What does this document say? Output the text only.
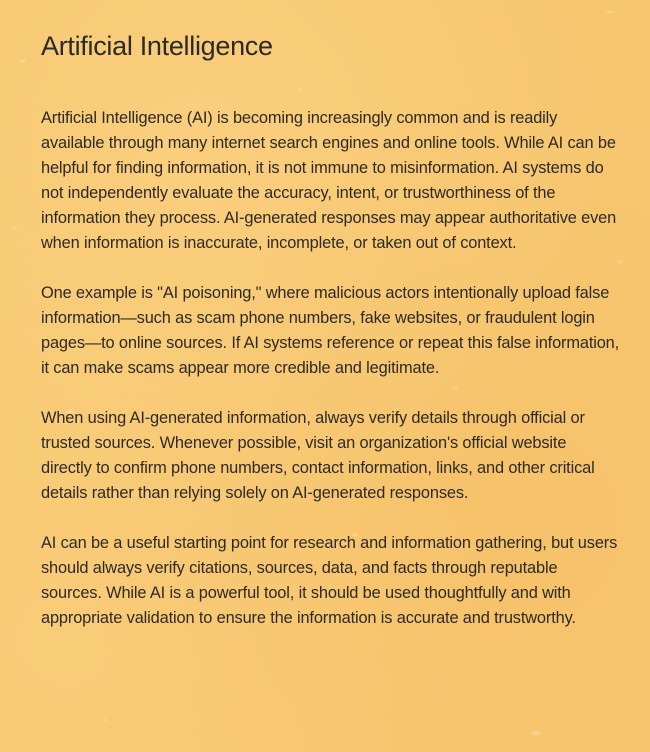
Artificial Intelligence

Artificial Intelligence (AI) is becoming increasingly common and is readily available through many internet search engines and online tools. While AI can be helpful for finding information, it is not immune to misinformation. AI systems do not independently evaluate the accuracy, intent, or trustworthiness of the information they process. AI-generated responses may appear authoritative even when information is inaccurate, incomplete, or taken out of context.

One example is "AI poisoning," where malicious actors intentionally upload false information—such as scam phone numbers, fake websites, or fraudulent login pages—to online sources. If AI systems reference or repeat this false information, it can make scams appear more credible and legitimate.

When using AI-generated information, always verify details through official or trusted sources. Whenever possible, visit an organization's official website directly to confirm phone numbers, contact information, links, and other critical details rather than relying solely on AI-generated responses.

AI can be a useful starting point for research and information gathering, but users should always verify citations, sources, data, and facts through reputable sources. While AI is a powerful tool, it should be used thoughtfully and with appropriate validation to ensure the information is accurate and trustworthy.
